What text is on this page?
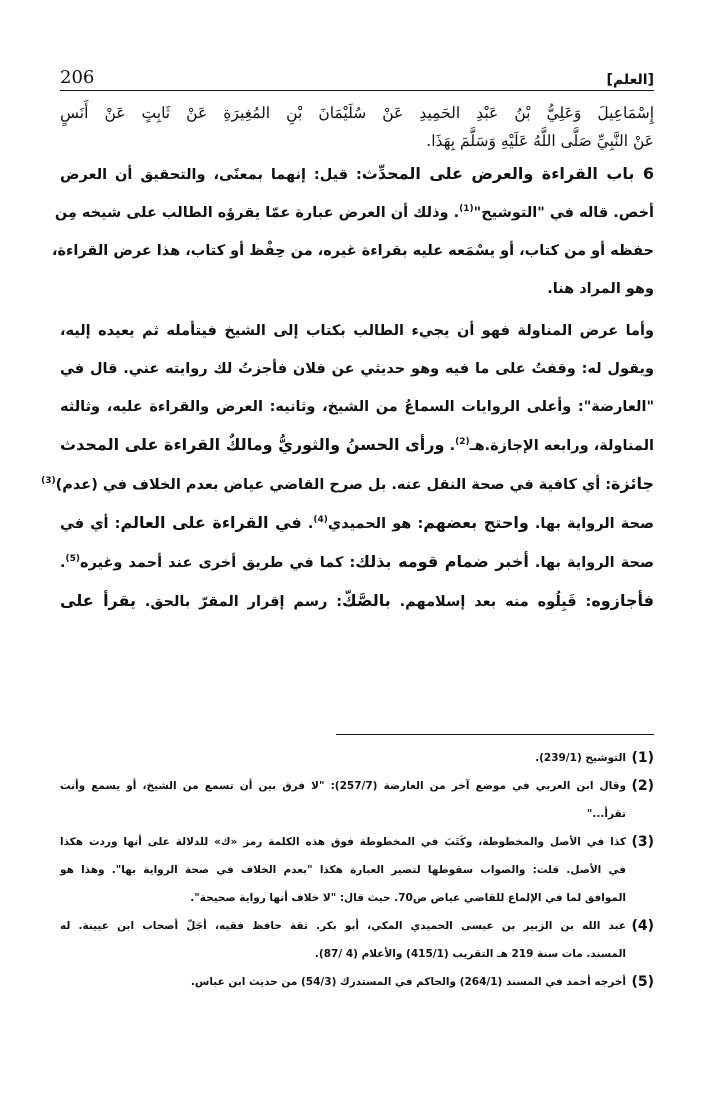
206	[العلم]
إِسْمَاعِيلَ وَعَلِيُّ بْنُ عَبْدِ الحَمِيدِ عَنْ سُلَيْمَانَ بْنِ المُغِيرَةِ عَنْ ثَابِتٍ عَنْ أَنَسٍ
عَنْ النَّبِيِّ صَلَّى اللَّهُ عَلَيْهِ وَسَلَّمَ بِهَذَا.
6 باب القراءة والعرض على المحدِّث: قيل: إنهما بمعنًى، والتحقيق أن العرض
أخص. قاله في "التوشيح"$^{(1)}$. وذلك أن العرض عبارة عمّا يقرؤه الطالب على شيخه مِن
حفظه أو من كتاب، أو يسْمَعه عليه بقراءة غيره، من حِفْظ أو كتاب، هذا عرض القراءة،
وهو المراد هنا.
وأما عرض المناولة فهو أن يجيء الطالب بكتاب إلى الشيخ فيتأمله ثم يعيده إليه،
ويقول له: وقفتُ على ما فيه وهو حديثي عن فلان فأجزتُ لك روايته عني. قال في
"العارضة": وأعلى الروايات السماعُ من الشيخ، وثانيه: العرض والقراءة عليه، وثالثه
المناولة، ورابعه الإجازة.هـ$^{(2)}$. ورأى الحسنُ والثوريُّ ومالكٌ القراءة على المحدث
جائزة: أي كافية في صحة النقل عنه. بل صرح القاضي عياض بعدم الخلاف في (عدم)$^{(3)}$
صحة الرواية بها. واحتج بعضهم: هو الحميدي$^{(4)}$. في القراءة على العالم: أي في
صحة الرواية بها. أخبر ضمام قومه بذلك: كما في طريق أخرى عند أحمد وغيره$^{(5)}$.
فأجازوه: قَبِلُوه منه بعد إسلامهم. بالصَّكّ: رسم إقرار المقرّ بالحق. يقرأ على
(1)
التوشيح (239/1).
(2)
وقال ابن العربي في موضع آخر من العارضة (257/7): "لا فرق بين أن تسمع من الشيخ، أو يسمع وأنت
تقرأ..."
(3)
كذا في الأصل والمخطوطة، وكَتَبَ في المخطوطة فوق هذه الكلمة رمز «ك» للدلالة على أنها وردت هكذا
في الأصل. قلت: والصواب سقوطها لتصير العبارة هكذا "بعدم الخلاف في صحة الرواية بها". وهذا هو
الموافق لما في الإلماع للقاضي عياض ص70. حيث قال: "لا خلاف أنها رواية صحيحة".
(4)
عبد الله بن الزبير بن عيسى الحميدي المكي، أبو بكر. ثقة حافظ فقيه، أجَلّ أصحاب ابن عيينة. له
المسند. مات سنة 219 هـ التقريب (415/1) والأعلام (4 /87).
(5)
أخرجه أحمد في المسند (264/1) والحاكم في المستدرك (54/3) من حديث ابن عباس.
